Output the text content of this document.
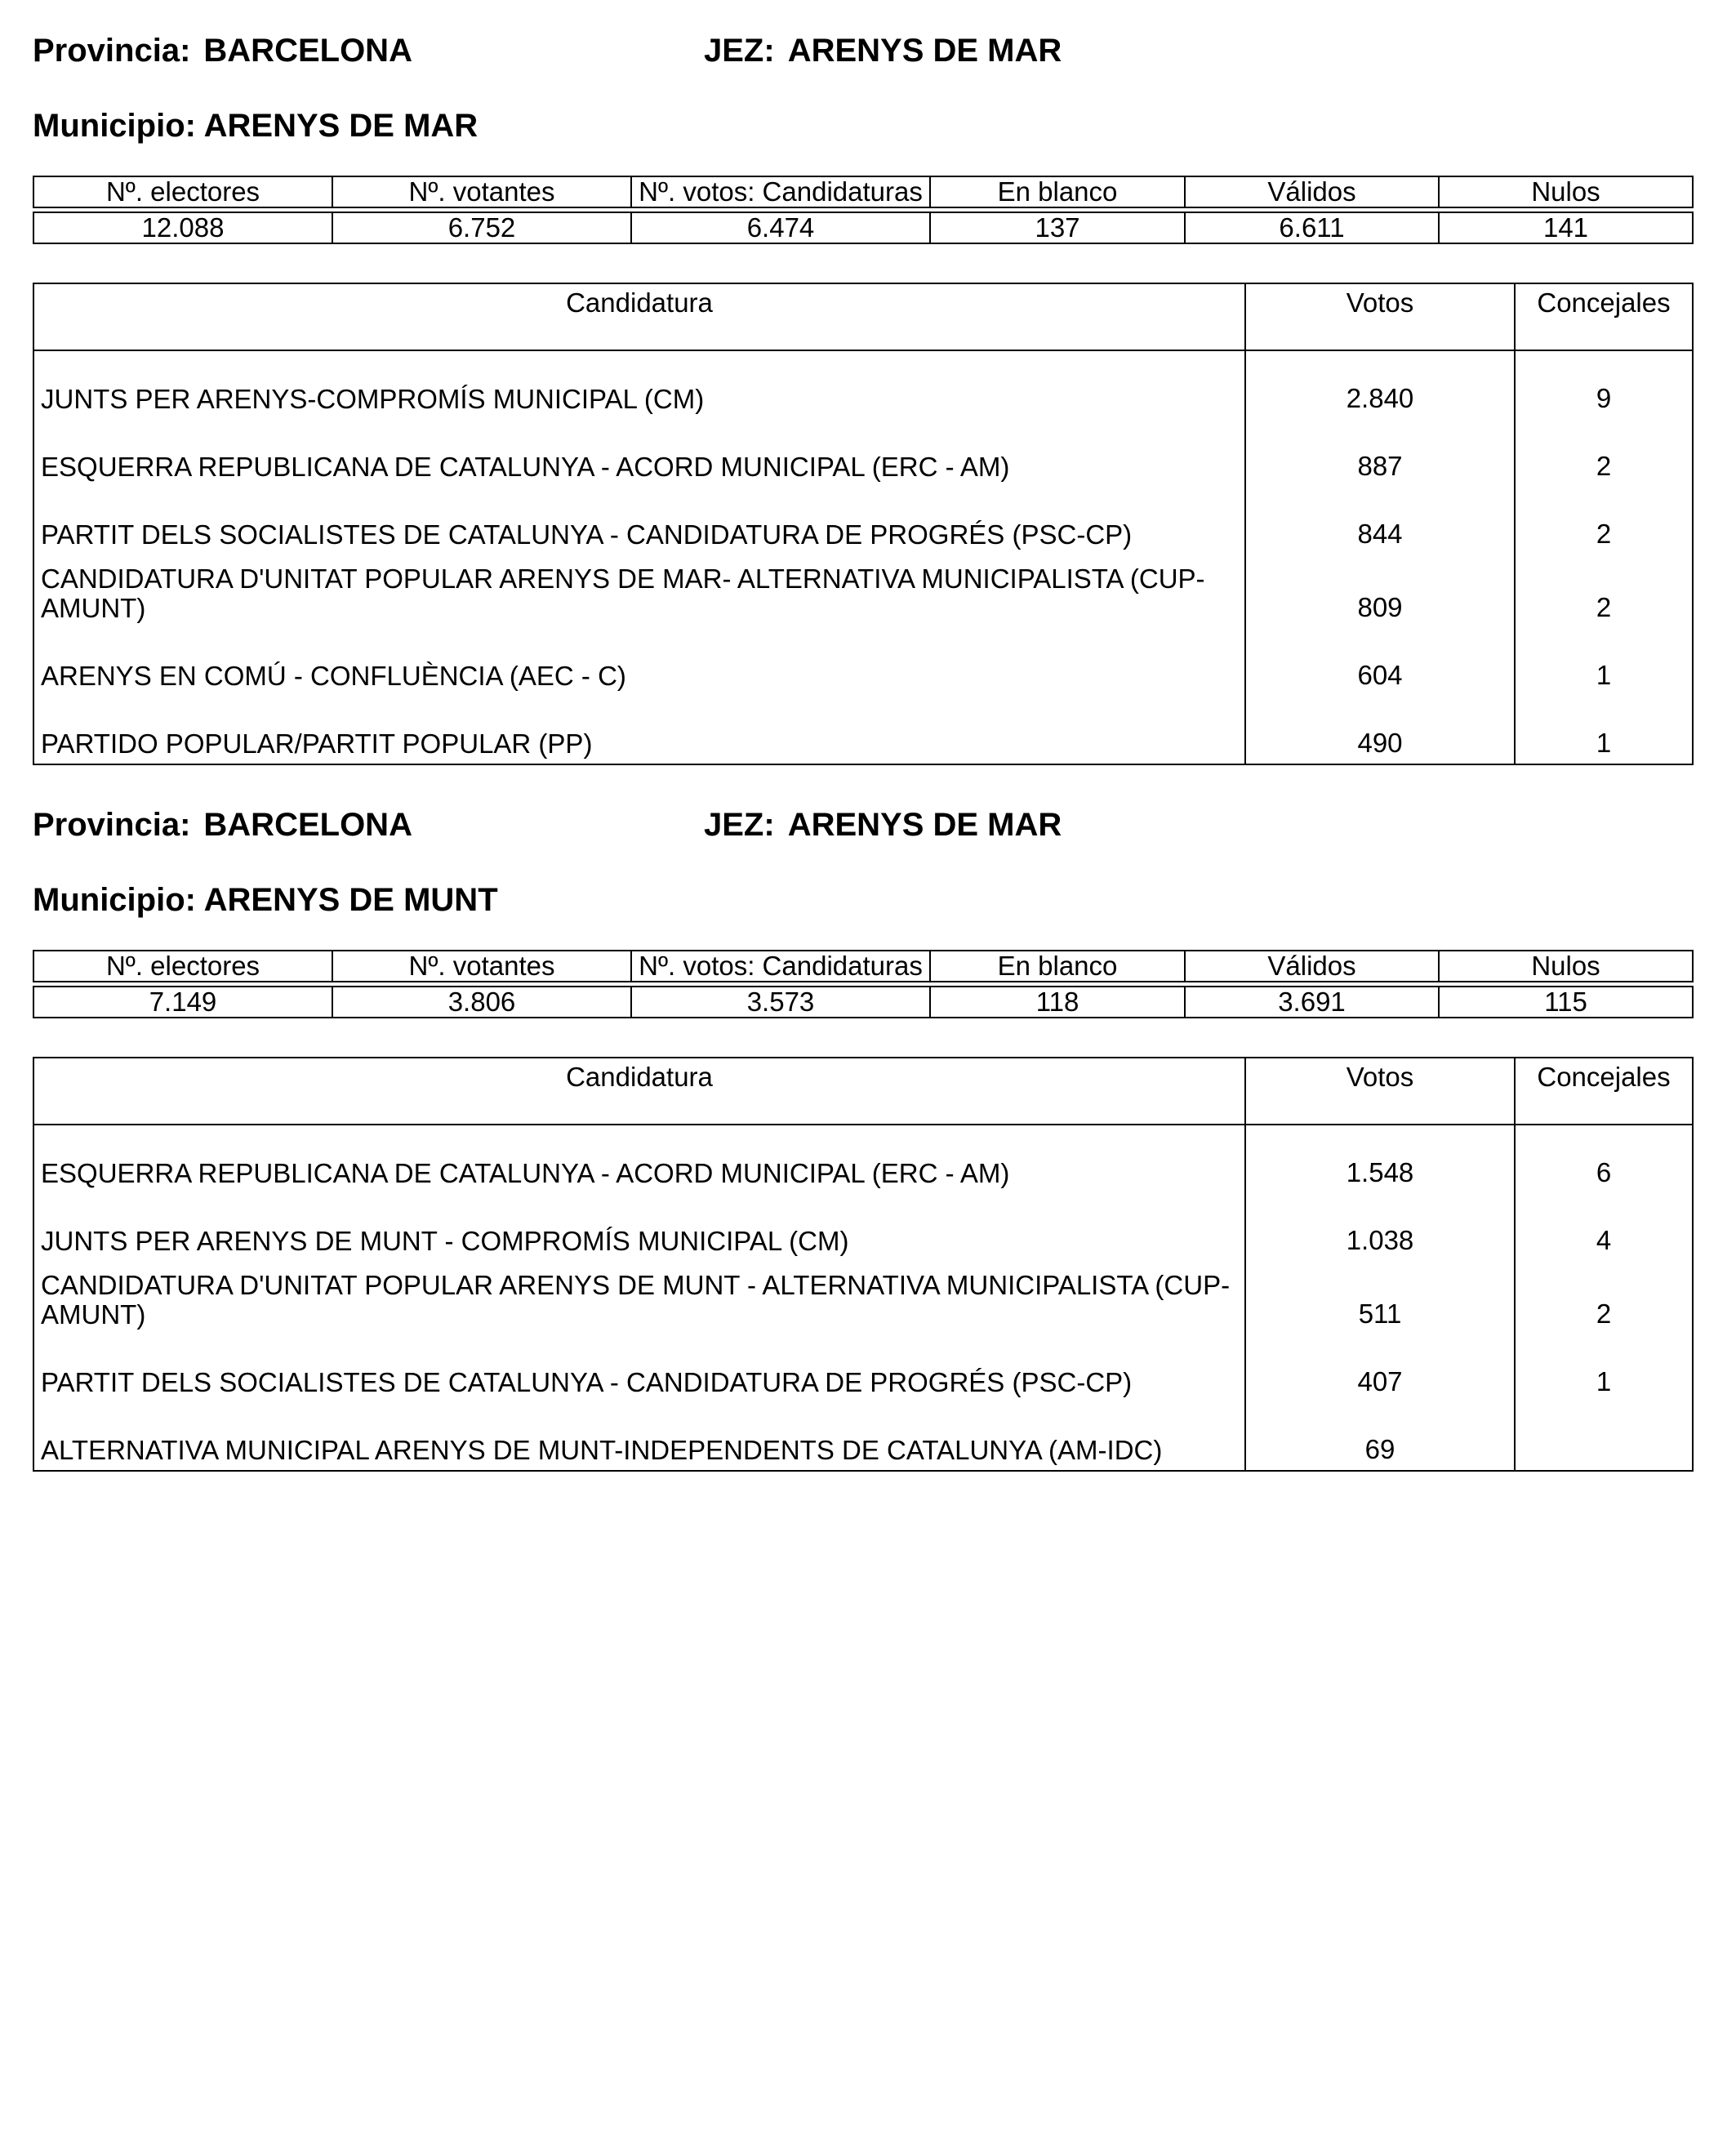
Provincia: BARCELONA	JEZ: ARENYS DE MAR
Municipio: ARENYS DE MAR
Nº. electores	Nº. votantes	Nº. votos: Candidaturas	En blanco	Válidos	Nulos

12.088	6.752	6.474	137	6.611	141
Candidatura	Votos	Concejales

JUNTS PER ARENYS-COMPROMÍS MUNICIPAL (CM)	2.840	9

ESQUERRA REPUBLICANA DE CATALUNYA - ACORD MUNICIPAL (ERC - AM)	887	2

PARTIT DELS SOCIALISTES DE CATALUNYA - CANDIDATURA DE PROGRÉS (PSC-CP)	844	2

CANDIDATURA D'UNITAT POPULAR ARENYS DE MAR- ALTERNATIVA MUNICIPALISTA (CUP-AMUNT)	809	2

ARENYS EN COMÚ - CONFLUÈNCIA (AEC - C)	604	1

PARTIDO POPULAR/PARTIT POPULAR (PP)	490	1
Provincia: BARCELONA	JEZ: ARENYS DE MAR
Municipio: ARENYS DE MUNT
Nº. electores	Nº. votantes	Nº. votos: Candidaturas	En blanco	Válidos	Nulos

7.149	3.806	3.573	118	3.691	115
Candidatura	Votos	Concejales

ESQUERRA REPUBLICANA DE CATALUNYA - ACORD MUNICIPAL (ERC - AM)	1.548	6

JUNTS PER ARENYS DE MUNT - COMPROMÍS MUNICIPAL (CM)	1.038	4

CANDIDATURA D'UNITAT POPULAR ARENYS DE MUNT - ALTERNATIVA MUNICIPALISTA (CUP-AMUNT)	511	2

PARTIT DELS SOCIALISTES DE CATALUNYA - CANDIDATURA DE PROGRÉS (PSC-CP)	407	1

ALTERNATIVA MUNICIPAL ARENYS DE MUNT-INDEPENDENTS DE CATALUNYA (AM-IDC)	69	
